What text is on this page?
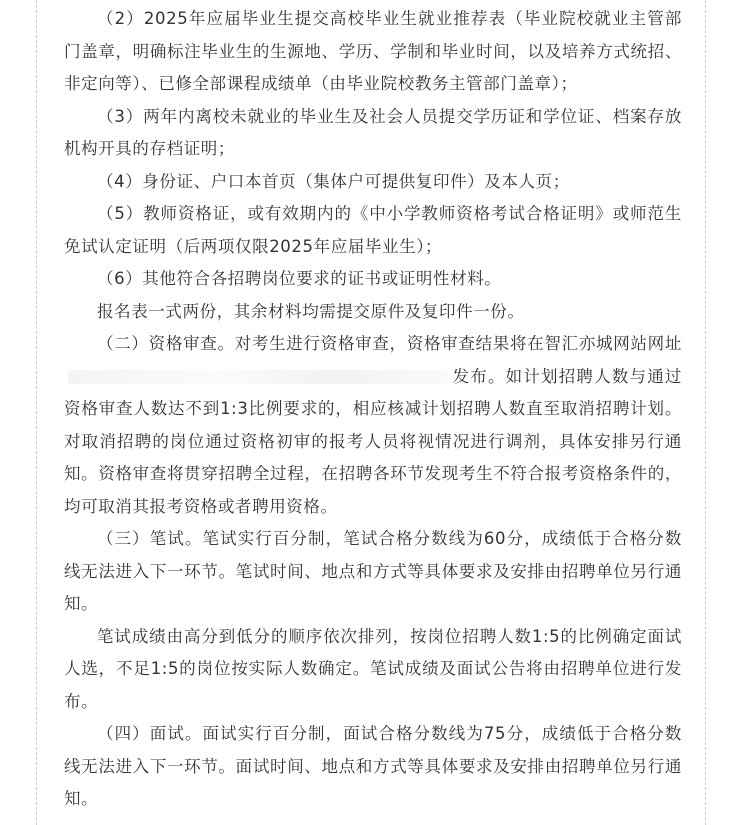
（2）2025年应届毕业生提交高校毕业生就业推荐表（毕业院校就业主管部门盖章，明确标注毕业生的生源地、学历、学制和毕业时间，以及培养方式统招、非定向等）、已修全部课程成绩单（由毕业院校教务主管部门盖章）；

（3）两年内离校未就业的毕业生及社会人员提交学历证和学位证、档案存放机构开具的存档证明；

（4）身份证、户口本首页（集体户可提供复印件）及本人页；

（5）教师资格证，或有效期内的《中小学教师资格考试合格证明》或师范生免试认定证明（后两项仅限2025年应届毕业生）；

（6）其他符合各招聘岗位要求的证书或证明性材料。

报名表一式两份，其余材料均需提交原件及复印件一份。

（二）资格审查。对考生进行资格审查，资格审查结果将在智汇亦城网站网址发布。如计划招聘人数与通过资格审查人数达不到1:3比例要求的，相应核减计划招聘人数直至取消招聘计划。对取消招聘的岗位通过资格初审的报考人员将视情况进行调剂，具体安排另行通知。资格审查将贯穿招聘全过程，在招聘各环节发现考生不符合报考资格条件的，均可取消其报考资格或者聘用资格。

（三）笔试。笔试实行百分制，笔试合格分数线为60分，成绩低于合格分数线无法进入下一环节。笔试时间、地点和方式等具体要求及安排由招聘单位另行通知。

笔试成绩由高分到低分的顺序依次排列，按岗位招聘人数1:5的比例确定面试人选，不足1:5的岗位按实际人数确定。笔试成绩及面试公告将由招聘单位进行发布。

（四）面试。面试实行百分制，面试合格分数线为75分，成绩低于合格分数线无法进入下一环节。面试时间、地点和方式等具体要求及安排由招聘单位另行通知。
